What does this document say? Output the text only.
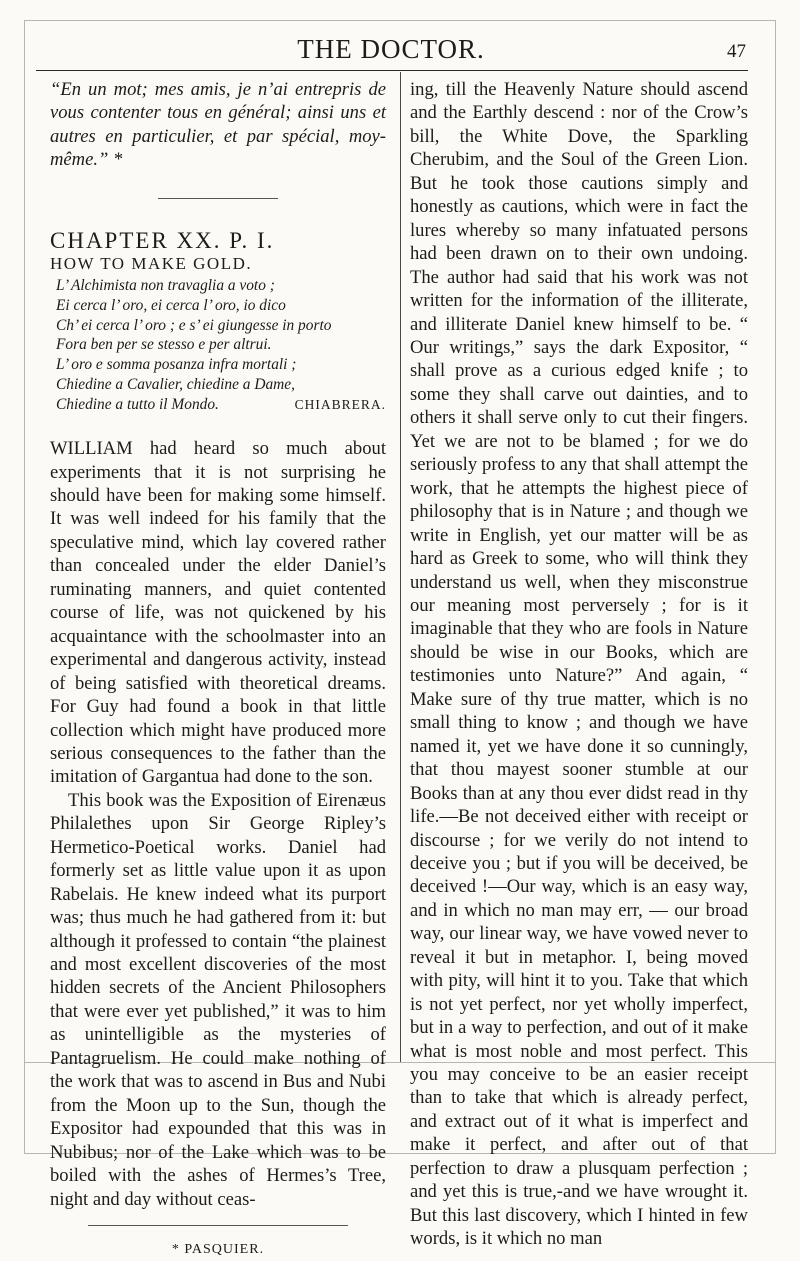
THE DOCTOR.	47

“En un mot; mes amis, je n’ai entrepris de vous contenter tous en général; ainsi uns et autres en particulier, et par spécial, moy-même.” *

CHAPTER XX. P. I.

HOW TO MAKE GOLD.

L’ Alchimista non travaglia a voto ;
Ei cerca l’ oro, ei cerca l’ oro, io dico
Ch’ ei cerca l’ oro ; e s’ ei giungesse in porto
Fora ben per se stesso e per altrui.
L’ oro e somma posanza infra mortali ;
Chiedine a Cavalier, chiedine a Dame,
Chiedine a tutto il Mondo.	CHIABRERA.

WILLIAM had heard so much about experiments that it is not surprising he should have been for making some himself. It was well indeed for his family that the speculative mind, which lay covered rather than concealed under the elder Daniel’s ruminating manners, and quiet contented course of life, was not quickened by his acquaintance with the schoolmaster into an experimental and dangerous activity, instead of being satisfied with theoretical dreams. For Guy had found a book in that little collection which might have produced more serious consequences to the father than the imitation of Gargantua had done to the son.

This book was the Exposition of Eirenæus Philalethes upon Sir George Ripley’s Hermetico-Poetical works. Daniel had formerly set as little value upon it as upon Rabelais. He knew indeed what its purport was; thus much he had gathered from it: but although it professed to contain “the plainest and most excellent discoveries of the most hidden secrets of the Ancient Philosophers that were ever yet published,” it was to him as unintelligible as the mysteries of Pantagruelism. He could make nothing of the work that was to ascend in Bus and Nubi from the Moon up to the Sun, though the Expositor had expounded that this was in Nubibus; nor of the Lake which was to be boiled with the ashes of Hermes’s Tree, night and day without ceas-

* PASQUIER.

ing, till the Heavenly Nature should ascend and the Earthly descend : nor of the Crow’s bill, the White Dove, the Sparkling Cherubim, and the Soul of the Green Lion. But he took those cautions simply and honestly as cautions, which were in fact the lures whereby so many infatuated persons had been drawn on to their own undoing. The author had said that his work was not written for the information of the illiterate, and illiterate Daniel knew himself to be. “ Our writings,” says the dark Expositor, “ shall prove as a curious edged knife ; to some they shall carve out dainties, and to others it shall serve only to cut their fingers. Yet we are not to be blamed ; for we do seriously profess to any that shall attempt the work, that he attempts the highest piece of philosophy that is in Nature ; and though we write in English, yet our matter will be as hard as Greek to some, who will think they understand us well, when they misconstrue our meaning most perversely ; for is it imaginable that they who are fools in Nature should be wise in our Books, which are testimonies unto Nature?” And again, “ Make sure of thy true matter, which is no small thing to know ; and though we have named it, yet we have done it so cunningly, that thou mayest sooner stumble at our Books than at any thou ever didst read in thy life.—Be not deceived either with receipt or discourse ; for we verily do not intend to deceive you ; but if you will be deceived, be deceived !—Our way, which is an easy way, and in which no man may err, — our broad way, our linear way, we have vowed never to reveal it but in metaphor. I, being moved with pity, will hint it to you. Take that which is not yet perfect, nor yet wholly imperfect, but in a way to perfection, and out of it make what is most noble and most perfect. This you may conceive to be an easier receipt than to take that which is already perfect, and extract out of it what is imperfect and make it perfect, and after out of that perfection to draw a plusquam perfection ; and yet this is true,-and we have wrought it. But this last discovery, which I hinted in few words, is it which no man
